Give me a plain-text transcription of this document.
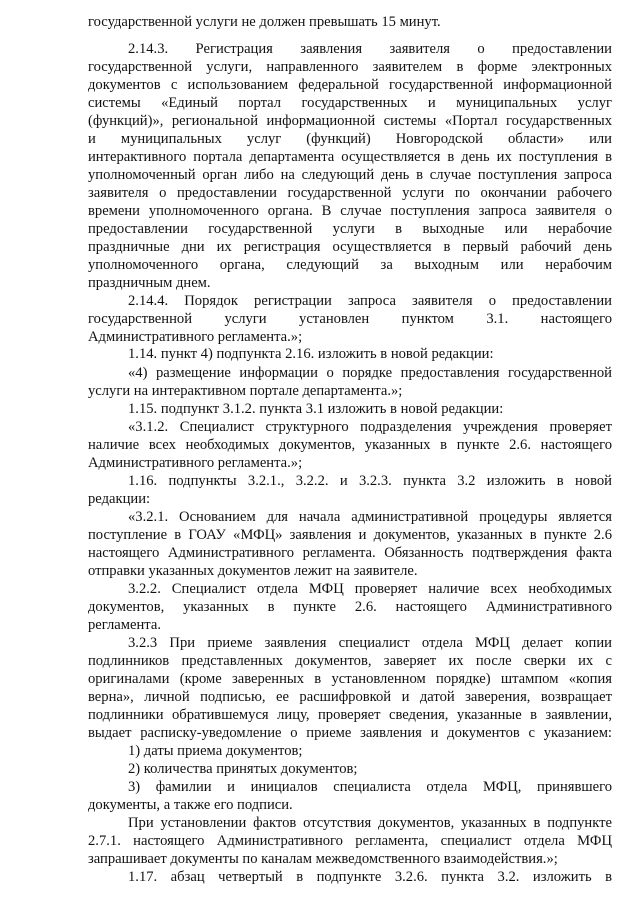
государственной услуги не должен превышать 15 минут.
2.14.3. Регистрация заявления заявителя о предоставлении
государственной услуги, направленного заявителем в форме электронных
документов с использованием федеральной государственной информационной
системы «Единый портал государственных и муниципальных услуг
(функций)», региональной информационной системы «Портал государственных
и муниципальных услуг (функций) Новгородской области» или
интерактивного портала департамента осуществляется в день их поступления в
уполномоченный орган либо на следующий день в случае поступления запроса
заявителя о предоставлении государственной услуги по окончании рабочего
времени уполномоченного органа. В случае поступления запроса заявителя о
предоставлении государственной услуги в выходные или нерабочие
праздничные дни их регистрация осуществляется в первый рабочий день
уполномоченного органа, следующий за выходным или нерабочим
праздничным днем.
2.14.4. Порядок регистрации запроса заявителя о предоставлении
государственной услуги установлен пунктом 3.1. настоящего
Административного регламента.»;
1.14. пункт 4) подпункта 2.16. изложить в новой редакции:
«4) размещение информации о порядке предоставления государственной
услуги на интерактивном портале департамента.»;
1.15. подпункт 3.1.2. пункта 3.1 изложить в новой редакции:
«3.1.2. Специалист структурного подразделения учреждения проверяет
наличие всех необходимых документов, указанных в пункте 2.6. настоящего
Административного регламента.»;
1.16. подпункты 3.2.1., 3.2.2. и 3.2.3. пункта 3.2 изложить в новой
редакции:
«3.2.1. Основанием для начала административной процедуры является
поступление в ГОАУ «МФЦ» заявления и документов, указанных в пункте 2.6
настоящего Административного регламента. Обязанность подтверждения факта
отправки указанных документов лежит на заявителе.
3.2.2. Специалист отдела МФЦ проверяет наличие всех необходимых
документов, указанных в пункте 2.6. настоящего Административного
регламента.
3.2.3 При приеме заявления специалист отдела МФЦ делает копии
подлинников представленных документов, заверяет их после сверки их с
оригиналами (кроме заверенных в установленном порядке) штампом «копия
верна», личной подписью, ее расшифровкой и датой заверения, возвращает
подлинники обратившемуся лицу, проверяет сведения, указанные в заявлении,
выдает расписку-уведомление о приеме заявления и документов с указанием:
1) даты приема документов;
2) количества принятых документов;
3) фамилии и инициалов специалиста отдела МФЦ, принявшего
документы, а также его подписи.
При установлении фактов отсутствия документов, указанных в подпункте
2.7.1. настоящего Административного регламента, специалист отдела МФЦ
запрашивает документы по каналам межведомственного взаимодействия.»;
1.17. абзац четвертый в подпункте 3.2.6. пункта 3.2. изложить в
